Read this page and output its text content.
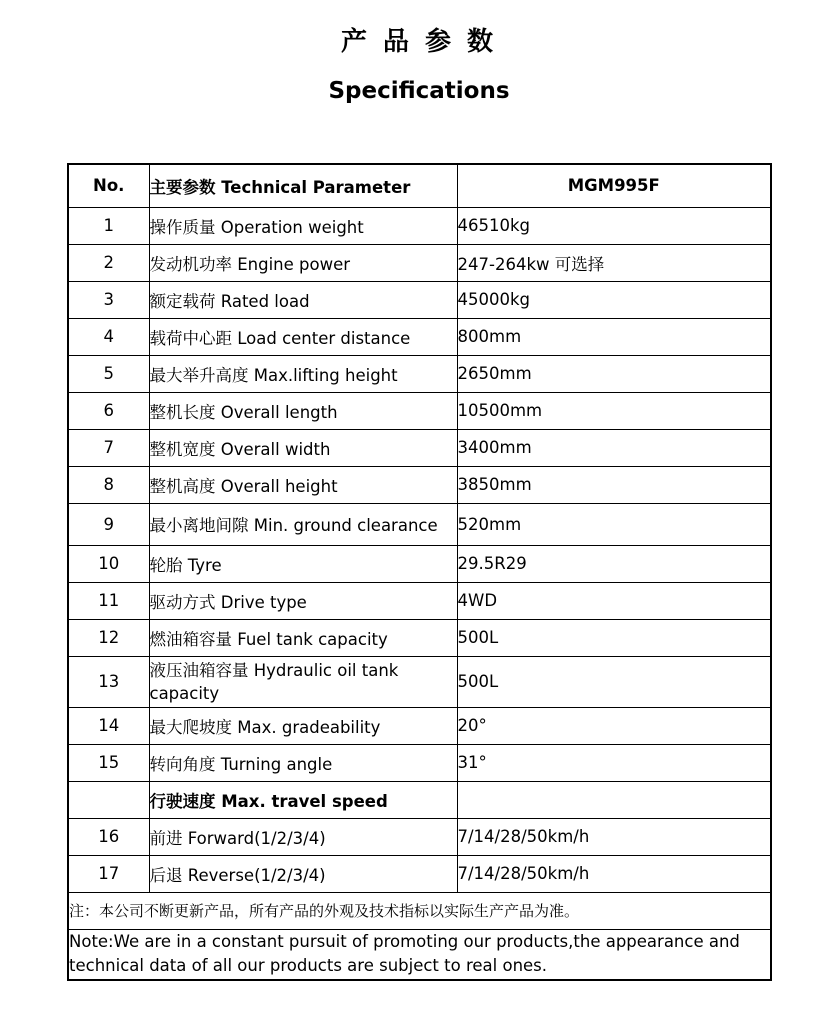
产品参数
Specifications
No.	主要参数 Technical Parameter	MGM995F
1	操作质量 Operation weight	46510kg
2	发动机功率 Engine power	247-264kw 可选择
3	额定载荷 Rated load	45000kg
4	载荷中心距 Load center distance	800mm
5	最大举升高度 Max.lifting height	2650mm
6	整机长度 Overall length	10500mm
7	整机宽度 Overall width	3400mm
8	整机高度 Overall height	3850mm
9	最小离地间隙 Min. ground clearance	520mm
10	轮胎 Tyre	29.5R29
11	驱动方式 Drive type	4WD
12	燃油箱容量 Fuel tank capacity	500L
13	液压油箱容量 Hydraulic oil tank capacity	500L
14	最大爬坡度 Max. gradeability	20°
15	转向角度 Turning angle	31°
	行驶速度 Max. travel speed	
16	前进 Forward(1/2/3/4)	7/14/28/50km/h
17	后退 Reverse(1/2/3/4)	7/14/28/50km/h
注：本公司不断更新产品，所有产品的外观及技术指标以实际生产产品为准。		
Note:We are in a constant pursuit of promoting our products,the appearance and technical data of all our products are subject to real ones.		
